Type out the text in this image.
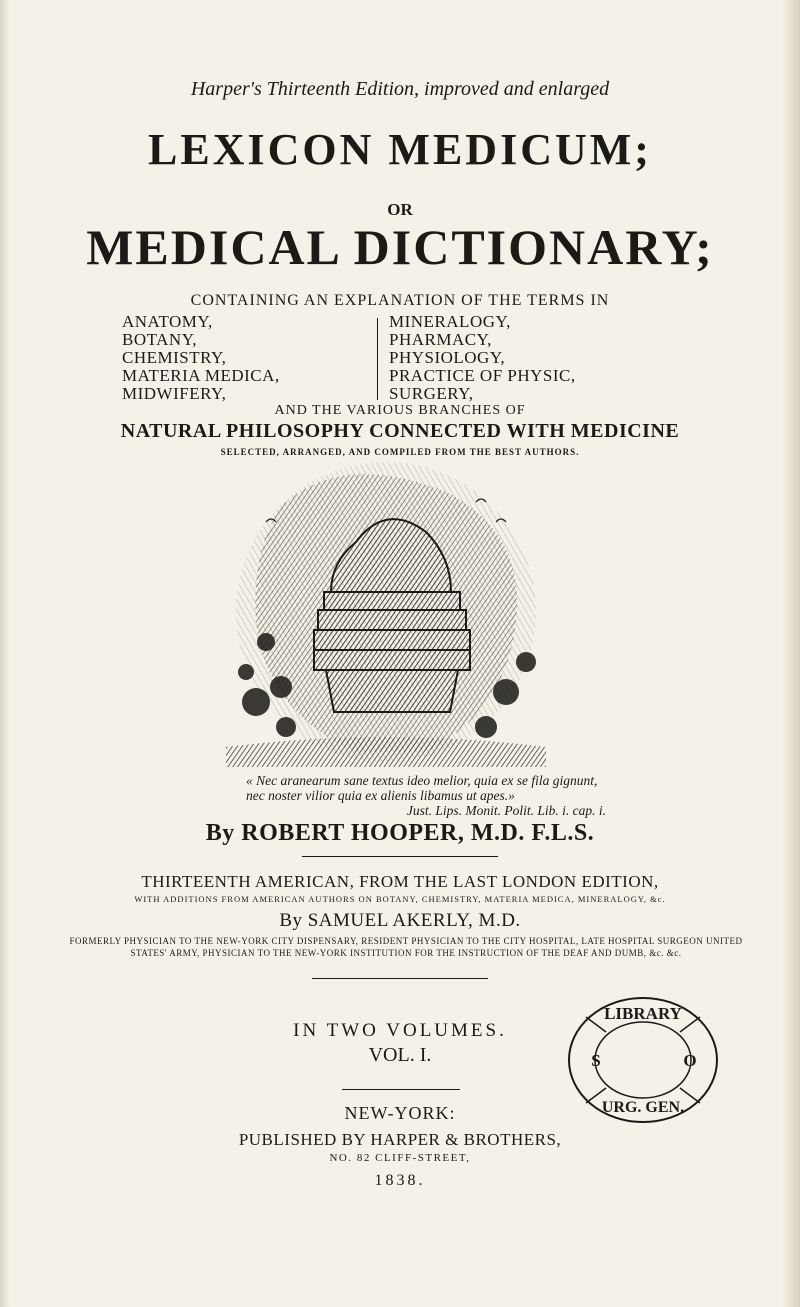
Harper's Thirteenth Edition, improved and enlarged
LEXICON MEDICUM;
OR
MEDICAL DICTIONARY;
CONTAINING AN EXPLANATION OF THE TERMS IN
ANATOMY,
BOTANY,
CHEMISTRY,
MATERIA MEDICA,
MIDWIFERY,
MINERALOGY,
PHARMACY,
PHYSIOLOGY,
PRACTICE OF PHYSIC,
SURGERY,
AND THE VARIOUS BRANCHES OF
NATURAL PHILOSOPHY CONNECTED WITH MEDICINE
SELECTED, ARRANGED, AND COMPILED FROM THE BEST AUTHORS.
« Nec aranearum sane textus ideo melior, quia ex se fila gignunt, nec noster vilior quia ex alienis libamus ut apes.»
Just. Lips. Monit. Polit. Lib. i. cap. i.
By ROBERT HOOPER, M.D. F.L.S.
THIRTEENTH AMERICAN, FROM THE LAST LONDON EDITION,
WITH ADDITIONS FROM AMERICAN AUTHORS ON BOTANY, CHEMISTRY, MATERIA MEDICA, MINERALOGY, &c.
By SAMUEL AKERLY, M.D.
FORMERLY PHYSICIAN TO THE NEW-YORK CITY DISPENSARY, RESIDENT PHYSICIAN TO THE CITY HOSPITAL, LATE HOSPITAL SURGEON UNITED STATES' ARMY, PHYSICIAN TO THE NEW-YORK INSTITUTION FOR THE INSTRUCTION OF THE DEAF AND DUMB, &c. &c.
IN TWO VOLUMES.
VOL. I.
NEW-YORK:
PUBLISHED BY HARPER & BROTHERS,
NO. 82 CLIFF-STREET,
1838.
LIBRARY
S	O
URG. GEN.
